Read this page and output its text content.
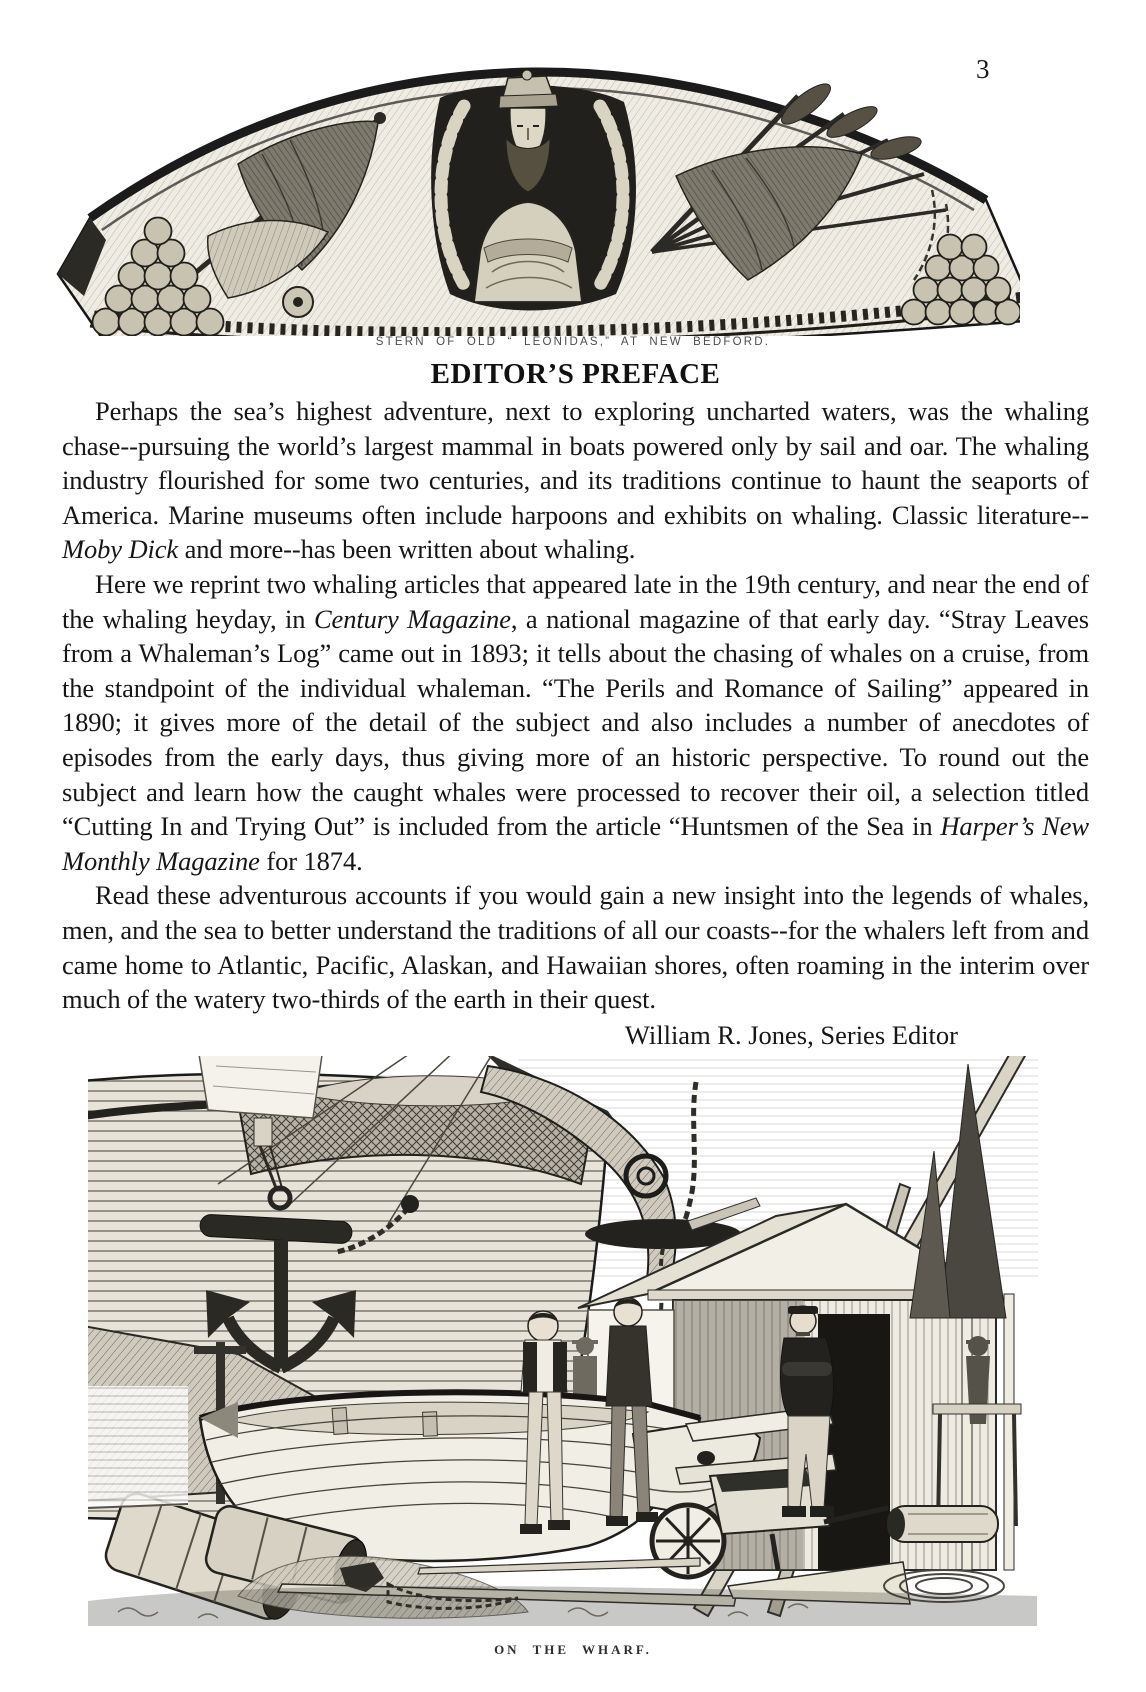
3
STERN OF OLD “ LEONIDAS,” AT NEW BEDFORD.
EDITOR’S PREFACE

Perhaps the sea’s highest adventure, next to exploring uncharted waters, was the whaling chase--pursuing the world’s largest mammal in boats powered only by sail and oar. The whaling industry flourished for some two centuries, and its traditions continue to haunt the seaports of America. Marine museums often include harpoons and exhibits on whaling. Classic literature--Moby Dick and more--has been written about whaling.

Here we reprint two whaling articles that appeared late in the 19th century, and near the end of the whaling heyday, in Century Magazine, a national magazine of that early day. “Stray Leaves from a Whaleman’s Log” came out in 1893; it tells about the chasing of whales on a cruise, from the standpoint of the individual whaleman. “The Perils and Romance of Sailing” appeared in 1890; it gives more of the detail of the subject and also includes a number of anecdotes of episodes from the early days, thus giving more of an historic perspective. To round out the subject and learn how the caught whales were processed to recover their oil, a selection titled “Cutting In and Trying Out” is included from the article “Huntsmen of the Sea in Harper’s New Monthly Magazine for 1874.

Read these adventurous accounts if you would gain a new insight into the legends of whales, men, and the sea to better understand the traditions of all our coasts--for the whalers left from and came home to Atlantic, Pacific, Alaskan, and Hawaiian shores, often roaming in the interim over much of the watery two-thirds of the earth in their quest.

William R. Jones, Series Editor
ON THE WHARF.
